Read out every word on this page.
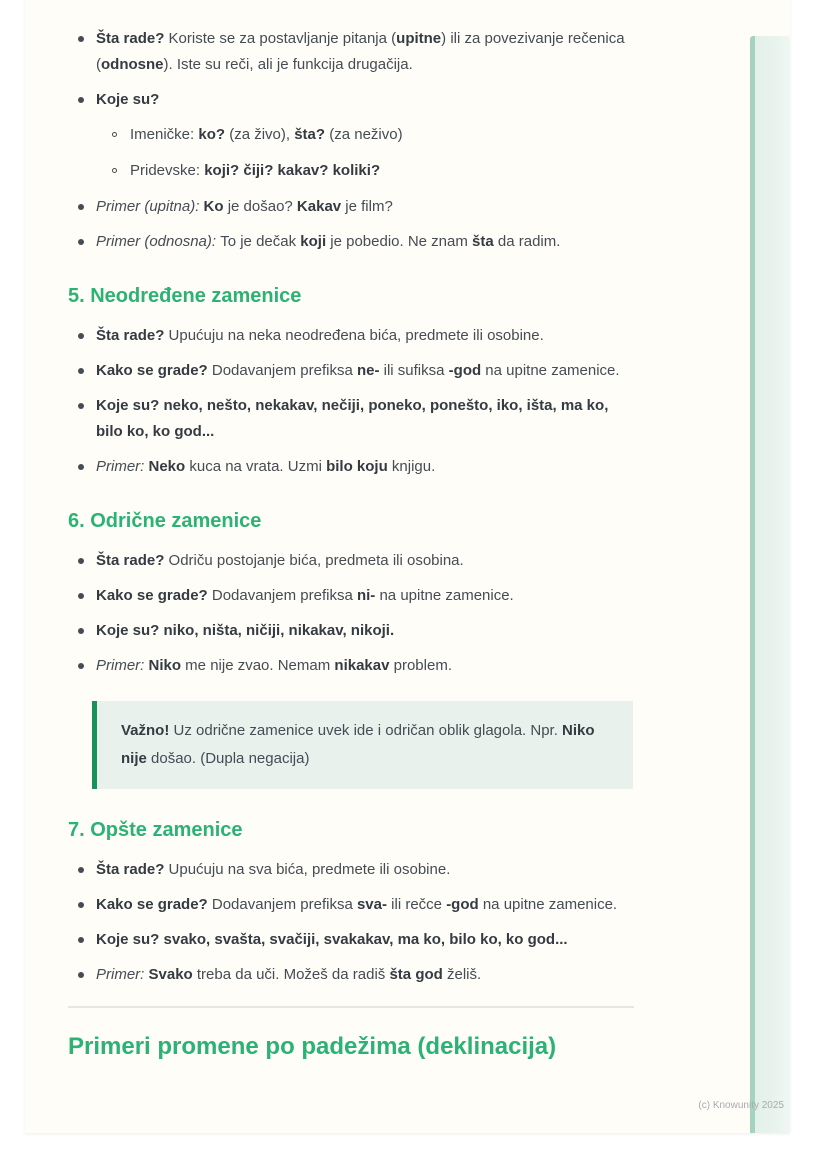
Šta rade? Koriste se za postavljanje pitanja (upitne) ili za povezivanje rečenica (odnosne). Iste su reči, ali je funkcija drugačija.
Koje su?
Imeničke: ko? (za živo), šta? (za neživo)
Pridevske: koji? čiji? kakav? koliki?
Primer (upitna): Ko je došao? Kakav je film?
Primer (odnosna): To je dečak koji je pobedio. Ne znam šta da radim.
5. Neodređene zamenice
Šta rade? Upućuju na neka neodređena bića, predmete ili osobine.
Kako se grade? Dodavanjem prefiksa ne- ili sufiksa -god na upitne zamenice.
Koje su? neko, nešto, nekakav, nečiji, poneko, ponešto, iko, išta, ma ko, bilo ko, ko god...
Primer: Neko kuca na vrata. Uzmi bilo koju knjigu.
6. Odrične zamenice
Šta rade? Odriču postojanje bića, predmeta ili osobina.
Kako se grade? Dodavanjem prefiksa ni- na upitne zamenice.
Koje su? niko, ništa, ničiji, nikakav, nikoji.
Primer: Niko me nije zvao. Nemam nikakav problem.
Važno! Uz odrične zamenice uvek ide i odričan oblik glagola. Npr. Niko nije došao. (Dupla negacija)
7. Opšte zamenice
Šta rade? Upućuju na sva bića, predmete ili osobine.
Kako se grade? Dodavanjem prefiksa sva- ili rečce -god na upitne zamenice.
Koje su? svako, svašta, svačiji, svakakav, ma ko, bilo ko, ko god...
Primer: Svako treba da uči. Možeš da radiš šta god želiš.
Primeri promene po padežima (deklinacija)
(c) Knowunity 2025
